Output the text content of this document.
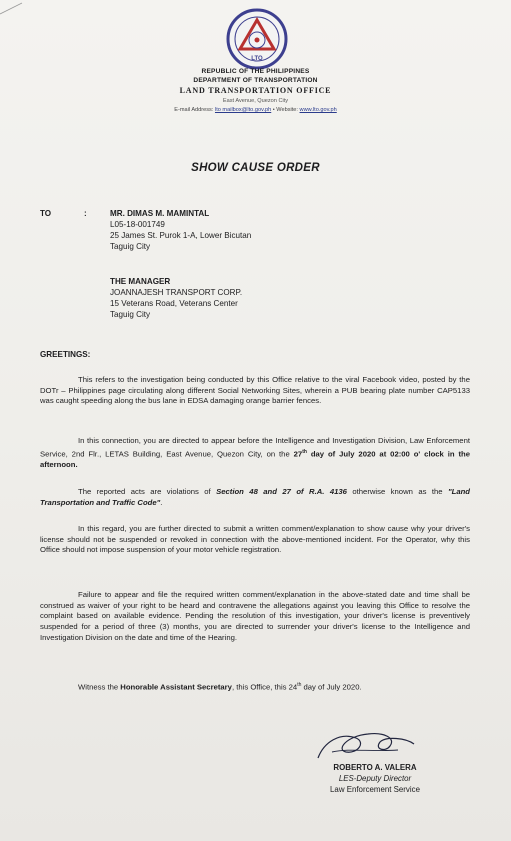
LTO
REPUBLIC OF THE PHILIPPINES
DEPARTMENT OF TRANSPORTATION
LAND TRANSPORTATION OFFICE
East Avenue, Quezon City
E-mail Address: lto mailbox@lto.gov.ph • Website: www.lto.gov.ph
SHOW CAUSE ORDER
TO	:	MR. DIMAS M. MAMINTAL
L05-18-001749
25 James St. Purok 1-A, Lower Bicutan
Taguig City
THE MANAGER
JOANNAJESH TRANSPORT CORP.
15 Veterans Road, Veterans Center
Taguig City
GREETINGS:

This refers to the investigation being conducted by this Office relative to the viral Facebook video, posted by the DOTr – Philippines page circulating along different Social Networking Sites, wherein a PUB bearing plate number CAP5133 was caught speeding along the bus lane in EDSA damaging orange barrier fences.

In this connection, you are directed to appear before the Intelligence and Investigation Division, Law Enforcement Service, 2nd Flr., LETAS Building, East Avenue, Quezon City, on the 27th day of July 2020 at 02:00 o' clock in the afternoon.

The reported acts are violations of Section 48 and 27 of R.A. 4136 otherwise known as the "Land Transportation and Traffic Code".

In this regard, you are further directed to submit a written comment/explanation to show cause why your driver's license should not be suspended or revoked in connection with the above-mentioned incident. For the Operator, why this Office should not impose suspension of your motor vehicle registration.

Failure to appear and file the required written comment/explanation in the above-stated date and time shall be construed as waiver of your right to be heard and contravene the allegations against you leaving this Office to resolve the complaint based on available evidence. Pending the resolution of this investigation, your driver's license is preventively suspended for a period of three (3) months, you are directed to surrender your driver's license to the Intelligence and Investigation Division on the date and time of the Hearing.

Witness the Honorable Assistant Secretary, this Office, this 24th day of July 2020.

ROBERTO A. VALERA
LES-Deputy Director
Law Enforcement Service
